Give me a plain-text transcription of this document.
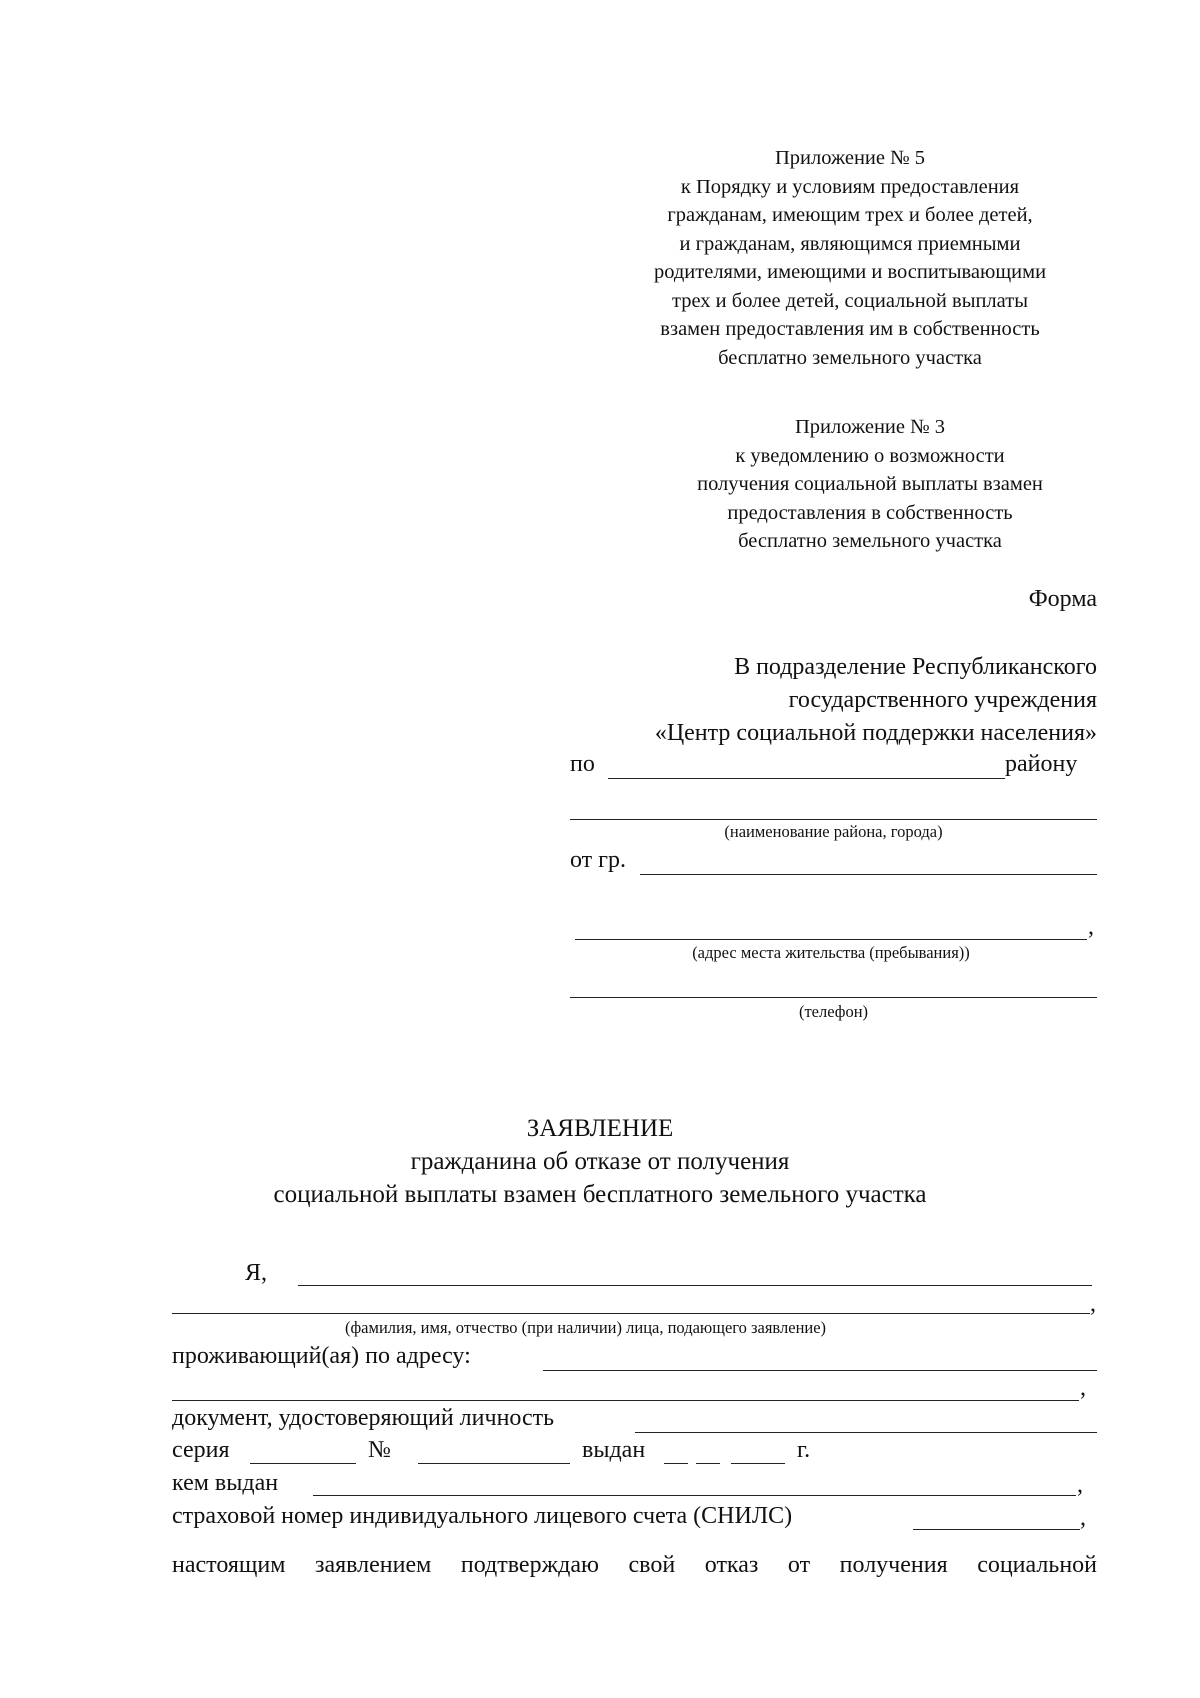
Приложение № 5

к Порядку и условиям предоставления

гражданам, имеющим трех и более детей,

и гражданам, являющимся приемными

родителями, имеющими и воспитывающими

трех и более детей, социальной выплаты

взамен предоставления им в собственность

бесплатно земельного участка

Приложение № 3

к уведомлению о возможности

получения социальной выплаты взамен

предоставления в собственность

бесплатно земельного участка

Форма

В подразделение Республиканского

государственного учреждения

«Центр социальной поддержки населения»

по	району
(наименование района, города)
от гр.
,
(адрес места жительства (пребывания))
(телефон)

ЗАЯВЛЕНИЕ

гражданина об отказе от получения

социальной выплаты взамен бесплатного земельного участка

Я,
,
(фамилия, имя, отчество (при наличии) лица, подающего заявление)
проживающий(ая) по адресу:
,
документ, удостоверяющий личность
серия	№	выдан	г.
кем выдан	,
страховой номер индивидуального лицевого счета (СНИЛС)	,
настоящим заявлением подтверждаю свой отказ от получения социальной
